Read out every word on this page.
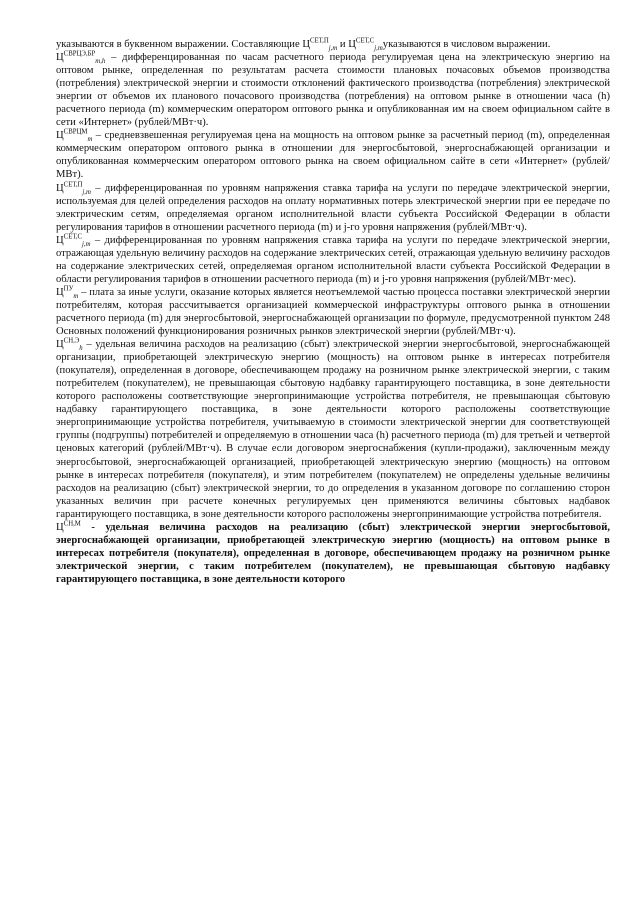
указываются в буквенном выражении. Составляющие $Ц^{СЕТ,П}_{j,m}$ и $Ц^{СЕТ,С}_{j,m}указываются$ в числовом выражении.

$Ц^{СВРЦЭ,БР}_{m,h}$ – дифференцированная по часам расчетного периода регулируемая цена на электрическую энергию на оптовом рынке, определенная по результатам расчета стоимости плановых почасовых объемов производства (потребления) электрической энергии и стоимости отклонений фактического производства (потребления) электрической энергии от объемов их планового почасового производства (потребления) на оптовом рынке в отношении часа (h) расчетного периода (m) коммерческим оператором оптового рынка и опубликованная им на своем официальном сайте в сети «Интернет» (рублей/МВт·ч).

$Ц^{СВРЦМ}_m$ – средневзвешенная регулируемая цена на мощность на оптовом рынке за расчетный период (m), определенная коммерческим оператором оптового рынка в отношении для энергосбытовой, энергоснабжающей организации и опубликованная коммерческим оператором оптового рынка на своем официальном сайте в сети «Интернет» (рублей/МВт).

$Ц^{СЕТ,П}_{j,m}$ – дифференцированная по уровням напряжения ставка тарифа на услуги по передаче электрической энергии, используемая для целей определения расходов на оплату нормативных потерь электрической энергии при ее передаче по электрическим сетям, определяемая органом исполнительной власти субъекта Российской Федерации в области регулирования тарифов в отношении расчетного периода (m) и j-го уровня напряжения (рублей/МВт·ч).

$Ц^{СЕТ,С}_{j,m}$ – дифференцированная по уровням напряжения ставка тарифа на услуги по передаче электрической энергии, отражающая удельную величину расходов на содержание электрических сетей, отражающая удельную величину расходов на содержание электрических сетей, определяемая органом исполнительной власти субъекта Российской Федерации в области регулирования тарифов в отношении расчетного периода (m) и j-го уровня напряжения (рублей/МВт·мес).

$Ц^{ПУ}_m$ – плата за иные услуги, оказание которых является неотъемлемой частью процесса поставки электрической энергии потребителям, которая рассчитывается организацией коммерческой инфраструктуры оптового рынка в отношении расчетного периода (m) для энергосбытовой, энергоснабжающей организации по формуле, предусмотренной пунктом 248 Основных положений функционирования розничных рынков электрической энергии (рублей/МВт·ч).

$Ц^{СН,Э}_h$ – удельная величина расходов на реализацию (сбыт) электрической энергии энергосбытовой, энергоснабжающей организации, приобретающей электрическую энергию (мощность) на оптовом рынке в интересах потребителя (покупателя), определенная в договоре, обеспечивающем продажу на розничном рынке электрической энергии, с таким потребителем (покупателем), не превышающая сбытовую надбавку гарантирующего поставщика, в зоне деятельности которого расположены соответствующие энергопринимающие устройства потребителя, не превышающая сбытовую надбавку гарантирующего поставщика, в зоне деятельности которого расположены соответствующие энергопринимающие устройства потребителя, учитываемую в стоимости электрической энергии для соответствующей группы (подгруппы) потребителей и определяемую в отношении часа (h) расчетного периода (m) для третьей и четвертой ценовых категорий (рублей/МВт·ч). В случае если договором энергоснабжения (купли-продажи), заключенным между энергосбытовой, энергоснабжающей организацией, приобретающей электрическую энергию (мощность) на оптовом рынке в интересах потребителя (покупателя), и этим потребителем (покупателем) не определены удельные величины расходов на реализацию (сбыт) электрической энергии, то до определения в указанном договоре по соглашению сторон указанных величин при расчете конечных регулируемых цен применяются величины сбытовых надбавок гарантирующего поставщика, в зоне деятельности которого расположены энергопринимающие устройства потребителя.

$Ц^{СН,М}$ - удельная величина расходов на реализацию (сбыт) электрической энергии энергосбытовой, энергоснабжающей организации, приобретающей электрическую энергию (мощность) на оптовом рынке в интересах потребителя (покупателя), определенная в договоре, обеспечивающем продажу на розничном рынке электрической энергии, с таким потребителем (покупателем), не превышающая сбытовую надбавку гарантирующего поставщика, в зоне деятельности которого
